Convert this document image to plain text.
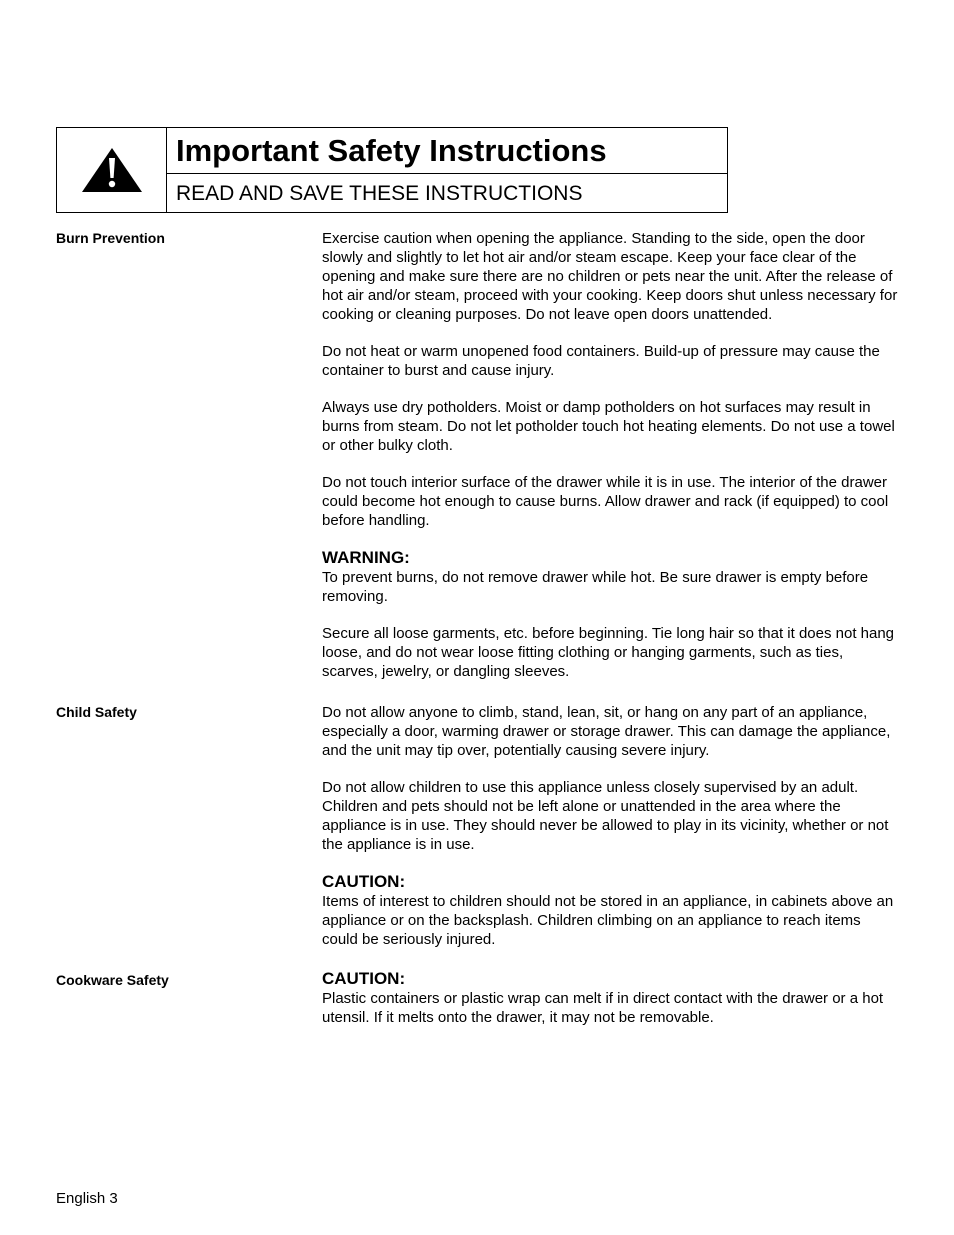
Important Safety Instructions
READ AND SAVE THESE INSTRUCTIONS
Burn Prevention	Exercise caution when opening the appliance. Standing to the side, open the door slowly and slightly to let hot air and/or steam escape. Keep your face clear of the opening and make sure there are no children or pets near the unit. After the release of hot air and/or steam, proceed with your cooking. Keep doors shut unless necessary for cooking or cleaning purposes. Do not leave open doors unattended.

Do not heat or warm unopened food containers. Build-up of pressure may cause the container to burst and cause injury.

Always use dry potholders. Moist or damp potholders on hot surfaces may result in burns from steam. Do not let potholder touch hot heating elements. Do not use a towel or other bulky cloth.

Do not touch interior surface of the drawer while it is in use. The interior of the drawer could become hot enough to cause burns. Allow drawer and rack (if equipped) to cool before handling.

WARNING:

To prevent burns, do not remove drawer while hot. Be sure drawer is empty before removing.

Secure all loose garments, etc. before beginning. Tie long hair so that it does not hang loose, and do not wear loose fitting clothing or hanging garments, such as ties, scarves, jewelry, or dangling sleeves.

Child Safety	Do not allow anyone to climb, stand, lean, sit, or hang on any part of an appliance, especially a door, warming drawer or storage drawer. This can damage the appliance, and the unit may tip over, potentially causing severe injury.

Do not allow children to use this appliance unless closely supervised by an adult. Children and pets should not be left alone or unattended in the area where the appliance is in use. They should never be allowed to play in its vicinity, whether or not the appliance is in use.

CAUTION:

Items of interest to children should not be stored in an appliance, in cabinets above an appliance or on the backsplash. Children climbing on an appliance to reach items could be seriously injured.

Cookware Safety	CAUTION:

Plastic containers or plastic wrap can melt if in direct contact with the drawer or a hot utensil. If it melts onto the drawer, it may not be removable.

English 3
